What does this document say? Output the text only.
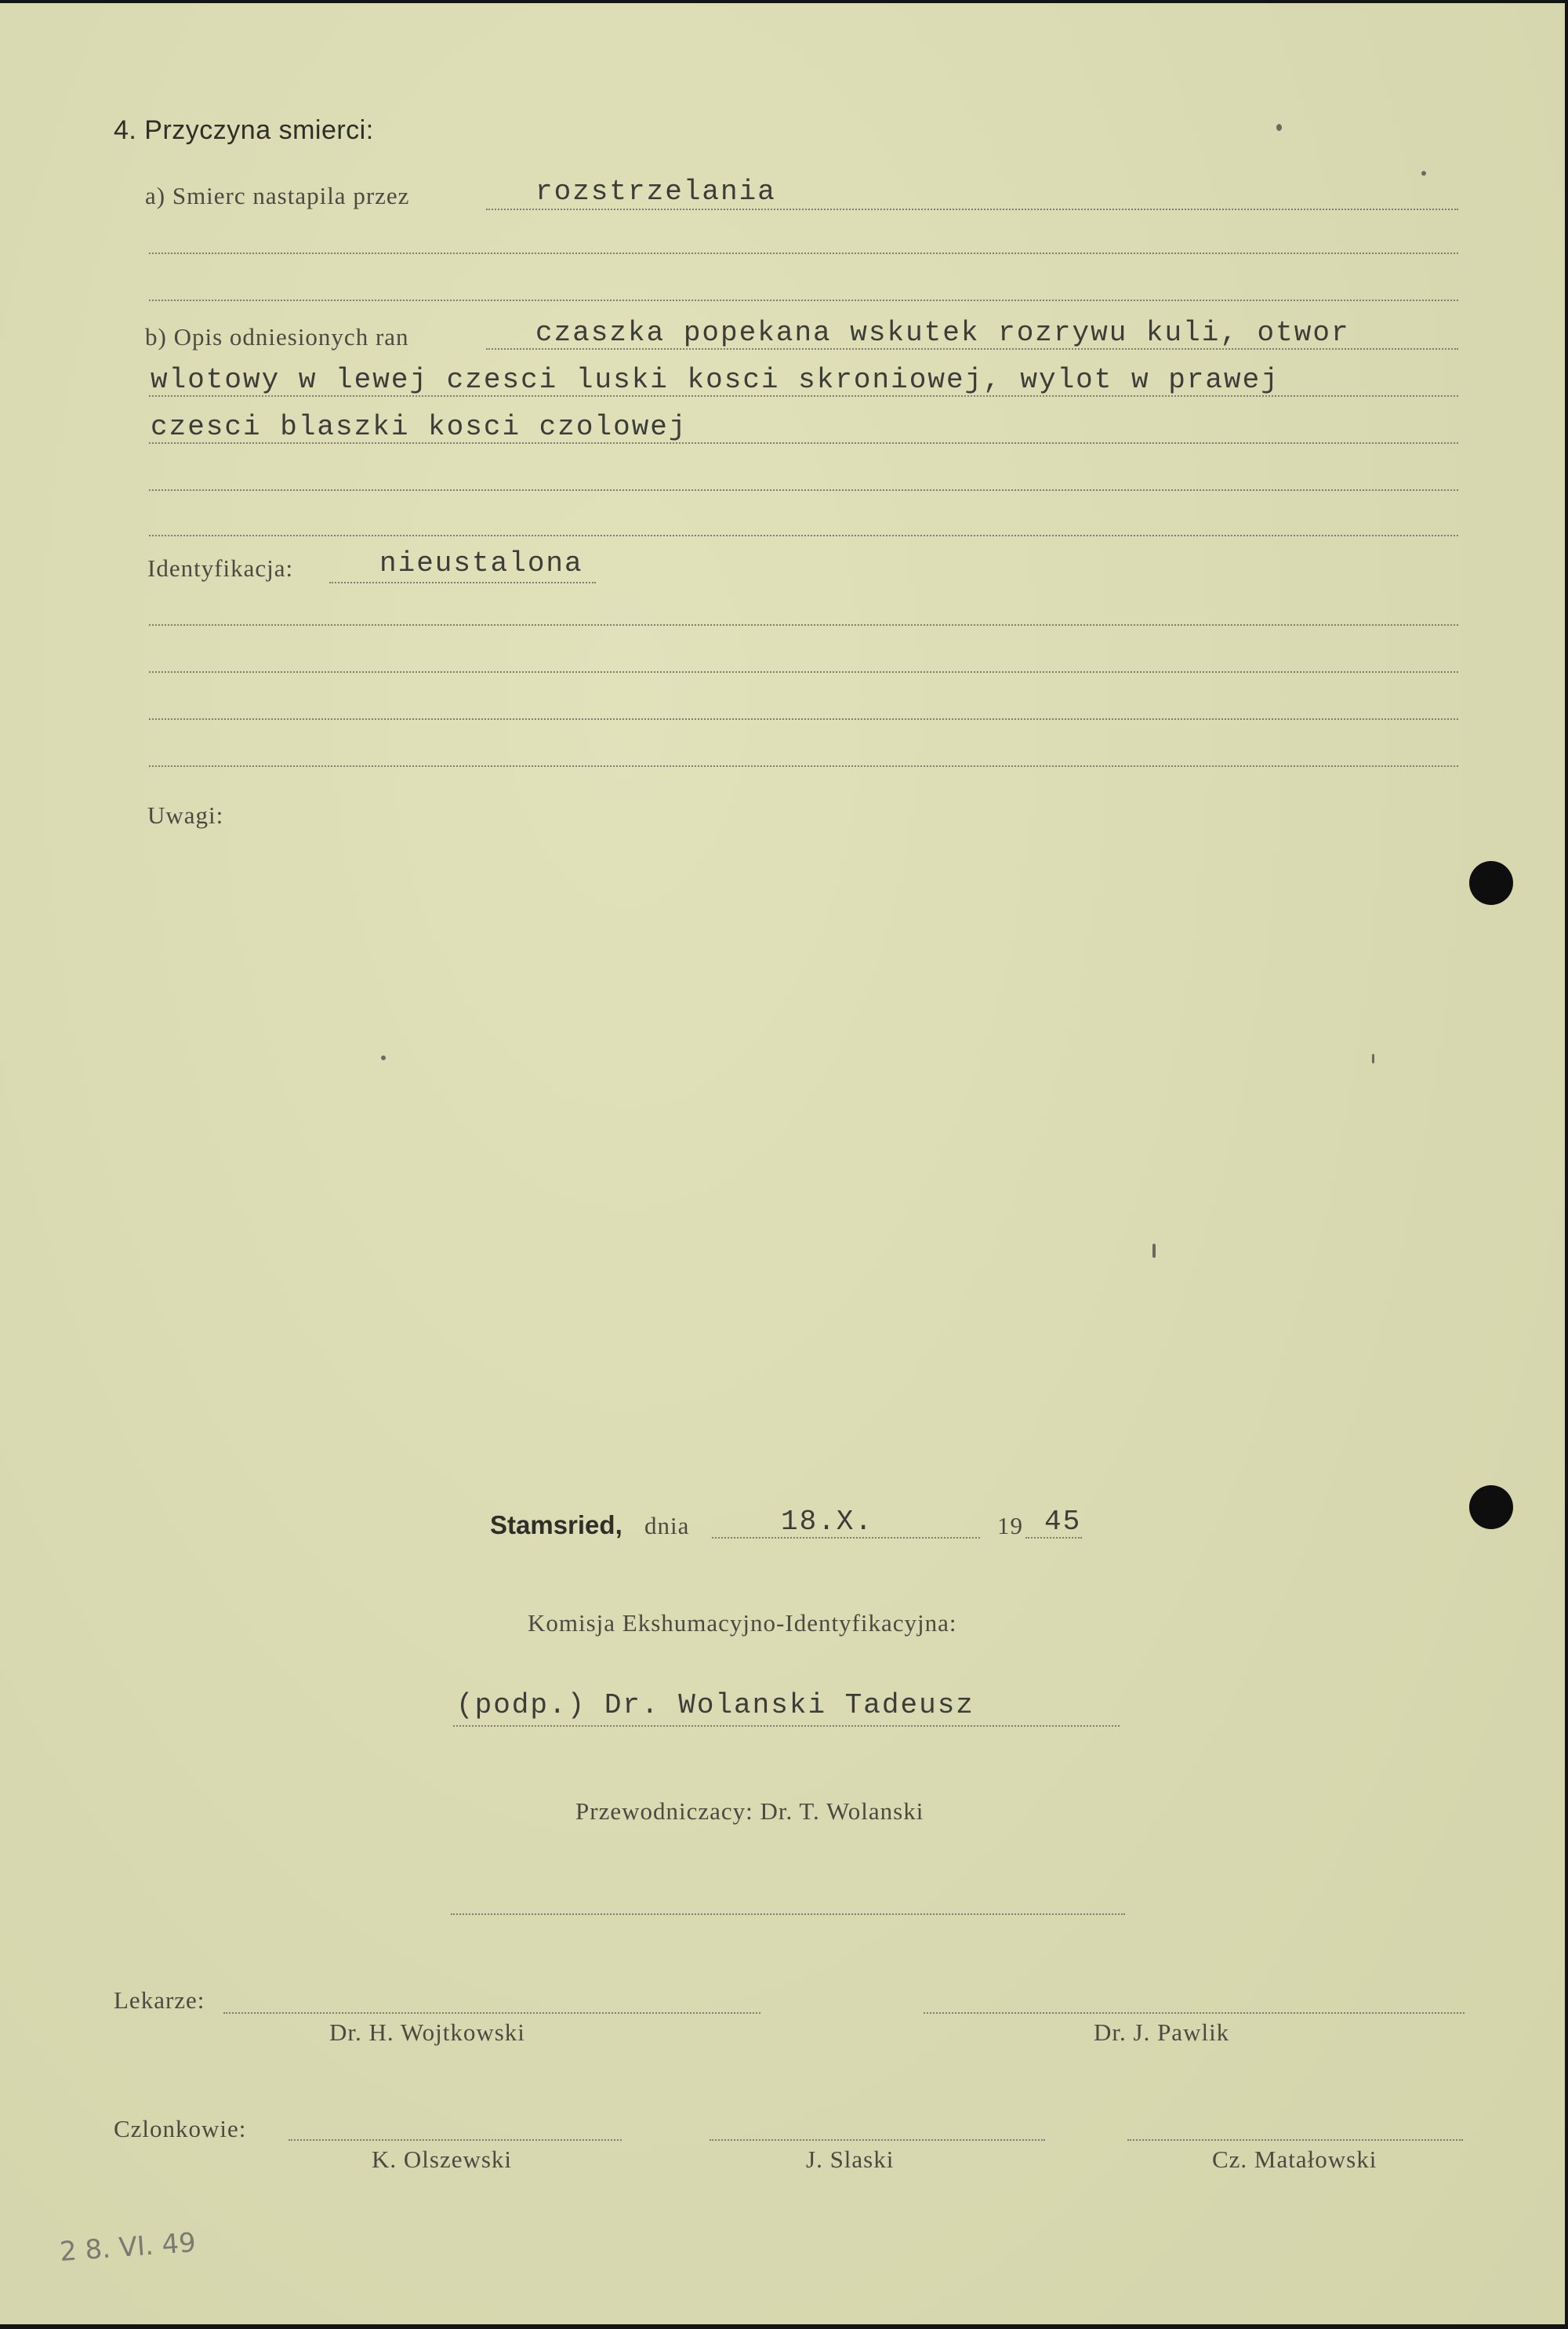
4. Przyczyna smierci:
a) Smierc nastapila przez	rozstrzelania
b) Opis odniesionych ran	czaszka popekana wskutek rozrywu kuli, otwor
wlotowy w lewej czesci luski kosci skroniowej, wylot w prawej
czesci blaszki kosci czolowej
Identyfikacja:	nieustalona
Uwagi:
Stamsried, dnia	18.X.	19 45
Komisja Ekshumacyjno-Identyfikacyjna:
(podp.) Dr. Wolanski Tadeusz
Przewodniczacy: Dr. T. Wolanski
Lekarze:
Dr. H. Wojtkowski	Dr. J. Pawlik
Czlonkowie:
K. Olszewski	J. Slaski	Cz. Matałowski
2 8. VI. 49
